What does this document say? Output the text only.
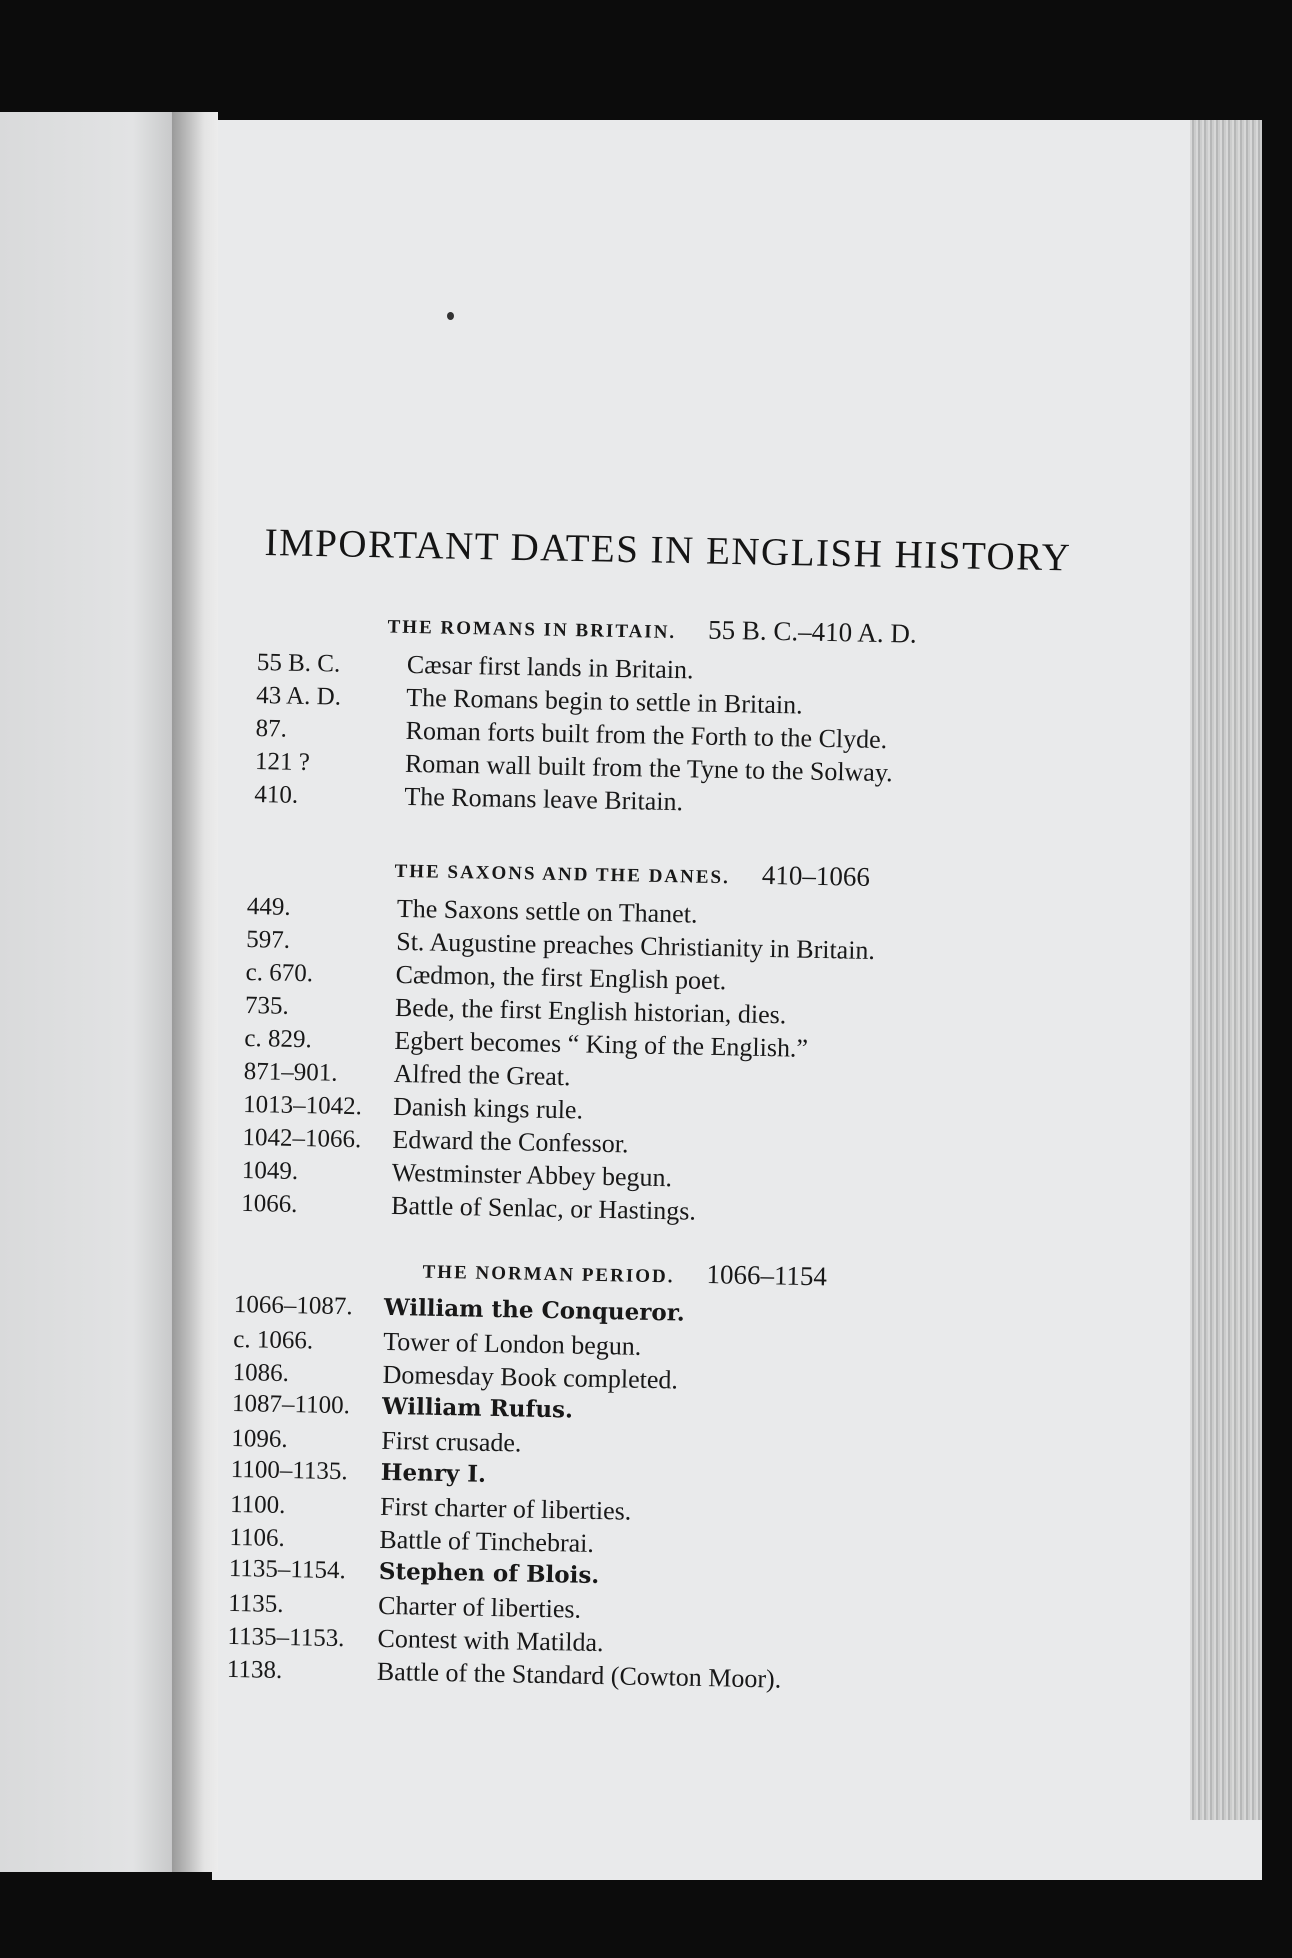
IMPORTANT DATES IN ENGLISH HISTORY
THE ROMANS IN BRITAIN. 55 B. C.–410 A. D.
55 B. C.	Cæsar first lands in Britain.
43 A. D.	The Romans begin to settle in Britain.
87.	Roman forts built from the Forth to the Clyde.
121 ?	Roman wall built from the Tyne to the Solway.
410.	The Romans leave Britain.
THE SAXONS AND THE DANES. 410–1066
449.	The Saxons settle on Thanet.
597.	St. Augustine preaches Christianity in Britain.
c. 670.	Cædmon, the first English poet.
735.	Bede, the first English historian, dies.
c. 829.	Egbert becomes “ King of the English.”
871–901.	Alfred the Great.
1013–1042.	Danish kings rule.
1042–1066.	Edward the Confessor.
1049.	Westminster Abbey begun.
1066.	Battle of Senlac, or Hastings.
THE NORMAN PERIOD. 1066–1154
1066–1087.	William the Conqueror.
c. 1066.	Tower of London begun.
1086.	Domesday Book completed.
1087–1100.	William Rufus.
1096.	First crusade.
1100–1135.	Henry I.
1100.	First charter of liberties.
1106.	Battle of Tinchebrai.
1135–1154.	Stephen of Blois.
1135.	Charter of liberties.
1135–1153.	Contest with Matilda.
1138.	Battle of the Standard (Cowton Moor).
